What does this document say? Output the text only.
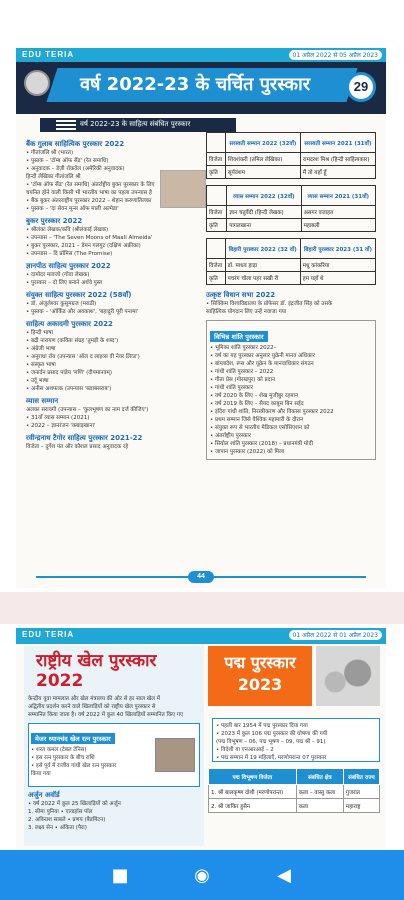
EDU TERIA	01 अप्रैल 2022 से 05 अप्रैल 2023
वर्ष 2022-23 के चर्चित पुरस्कार	29
वर्ष 2022-23 के साहित्य संबंधित पुरस्कार
बैंक गुलाब साहित्यिक पुरस्कार 2022
• गीतांजलि श्री (भारत)
• पुस्तक – 'टॉम्ब ऑफ सैंड' (रेत समाधि)
• अनुवादक – डेज़ी रॉकवेल (अमेरिकी अनुवादक)
हिन्दी लेखिका गीतांजलि श्री
• 'टॉम्ब ऑफ सैंड' (रेत समाधि) अंतर्राष्ट्रीय बुकर पुरस्कार के लिए
चयनित होने वाली किसी भी भारतीय भाषा का पहला उपन्यास है
• बैंक बुकर अंतरराष्ट्रीय पुरस्कार 2022 – शेहान करुणातिलका
• पुस्तक – 'दा सेवन मून्स ऑफ माली अल्मेडा'
बुकर पुरस्कार 2022
• श्रीलंका लेखक/कवि (श्रीलंकाई लेखक)
• उपन्यास – 'The Seven Moons of Maali Almeida'
• बुकर पुरस्कार, 2021 – डेमन गलगुट (दक्षिण अफ्रीका)
• उपन्यास – दि प्रॉमिस (The Promise)
ज्ञानपीठ साहित्य पुरस्कार 2022
• दामोदर मावजो (गोवा लेखक)
• पुरस्कार – दो लिए बनाने अर्थवे पुस्त
संयुक्त साहित्य पुरस्कार 2022 (58वाँ)
• डॉ. अंजुलेश्वर कुसुमग्रज (मराठी)
• पुस्तक – 'ऑर्किड और अवकाश', 'बहादुरी पूरी पनामा'
साहित्य अकादमी पुरस्कार 2022
• हिन्दी भाषा
• बद्री नारायण (कविता संग्रह 'तुमड़ी के शब्द')
• अंग्रेजी भाषा
• अनुराधा रॉय (उपन्यास 'ऑल द लाइव्स वी नेवर लिव्ड')
• संस्कृत भाषा
• जनार्दन प्रसाद पांडेय 'मणि' (दीपमानवम्)
• उर्दू भाषा
• अनीस अशफाक (उपन्यास 'ख्वाबसराब')
व्यास सम्मान
अलका सरावगी (उपन्यास – 'कुलभूषण का नाम दर्ज कीजिए')
• 31वाँ व्यास सम्मान (2021)
• 2022 – ज्ञानरंजन 'कबाड़खाना'
रवीन्द्रनाथ टैगोर साहित्य पुरस्कार 2021-22
विजेता – दुर्गेश पंत और कौशल प्रसाद अनुवादक रहे
	सरस्वती सम्मान 2022 (32वाँ)	सरस्वती सम्मान 2021 (31वाँ)
विजेता	शिवशंकरी (तमिल लेखिका)	रामदरश मिश्र (हिन्दी साहित्यकार)
कृति	सूर्यवंशम	मैं तो यहाँ हूँ
	व्यास सम्मान 2022 (32वाँ)	व्यास सम्मान 2021 (31वाँ)
विजेता	ज्ञान चतुर्वेदी (हिन्दी लेखक)	असगर वजाहत
कृति	पागलखाना	महाबली
	बिहारी पुरस्कार 2022 (32 वाँ)	बिहारी पुरस्कार 2023 (31 वाँ)
विजेता	डॉ. माधव हाड़ा	मधु कांकरिया
कृति	पचरंग चोला पहर सखी री	हम यहाँ थे
उत्कृष्ट विधान सभा 2022
• सिक्किम विश्वविद्यालय के प्रोफेसर डॉ. इंद्रजीत सिंह को उसके
साहित्यिक योगदान लिए उन्हें नवाजा गया
विभिन्न शांति पुरस्कार
• भूमिका शांति पुरस्कार 2022–
• वर्ष का यह पुरस्कार अनुसार युक्रेनी मानव अधिकार
• बांग्लादेश, रूस और यूक्रेन के मानवाधिकार संगठन
• गांधी शांति पुरस्कार – 2022
• गीता प्रेस (गोरखपुर) को प्रदान
• गांधी शांति पुरस्कार
• वर्ष 2020 के लिए – शेख मुजीबुर रहमान
• वर्ष 2019 के लिए – सैयद काबूस बिन सईद
• इंदिरा गांधी शांति, निरस्त्रीकरण और विकास पुरस्कार 2022
• प्रथम सम्मान जिसे वैश्विक महामारी के दौरान
• संयुक्त रूप से भारतीय मेडिकल एसोसिएशन को
• अंतर्राष्ट्रीय पुरस्कार
• सियोल शांति पुरस्कार (2018) – प्रधानमंत्री मोदी
• जापान पुरस्कार (2022) को मिला
44
EDU TERIA	01 अप्रैल 2022 से 01 अप्रैल 2023
राष्ट्रीय खेल पुरस्कार 2022
केन्द्रीय युवा मामलात और खेल मंत्रालय की ओर से हर साल खेल में
अद्वितीय प्रदर्शन करने वाले खिलाड़ियों को राष्ट्रीय खेल पुरस्कार से
सम्मानित किया जाता है। वर्ष 2022 में कुल 40 खिलाड़ियों सम्मानित किए गए
मेजर ध्यानचंद खेल रत्न पुरस्कार
• शरत कमल (टेबल टेनिस)
• इस रत्न पुरस्कार के बीच राशि
• इसे पूर्व में राजीव गांधी खेल रत्न पुरस्कार
किया गया
अर्जुन अवॉर्ड
• वर्ष 2022 में कुल 25 खिलाड़ियों को अर्जुन
1. सीमा पुनिया • एल्डहॉस पॉल
2. अविनाश साबले • प्रणय (बैडमिंटन)
3. लक्ष्य सेन • अंकिता (पैरा)
पद्म पुरस्कार 2023
• पहली बार 1954 में पद्म पुरस्कार दिया गया
• 2023 में कुल 106 पद्म पुरस्कार की घोषणा की गयी
(पद्म विभूषण – 06, पद्म भूषण – 09, पद्म श्री – 91)
• विदेशी या एनआरआई – 2
• पद्म सम्मान में 19 महिलाएँ, मरणोपरान्त 07 पुरस्कार
पद्म विभूषण विजेता	संबंधित क्षेत्र	संबंधित राज्य
1. श्री बालकृष्ण दोशी (मरणोपरान्त)	कला – वास्तु कला	गुजरात
2. श्री जाकिर हुसैन	कला	महाराष्ट्र
■	◉	◀
